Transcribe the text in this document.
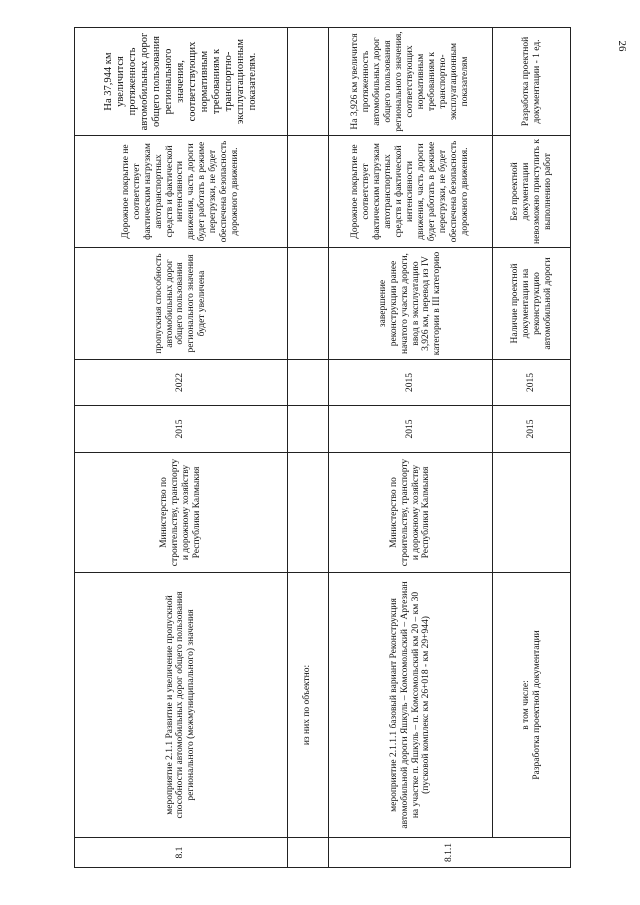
26
8.1	мероприятие 2.1.1 Развитие и увеличение пропускной способности автомобильных дорог общего пользования регионального (межмуниципального) значения	Министерство по строительству, транспорту и дорожному хозяйству Республики Калмыкия	2015	2022	пропускная способность автомобильных дорог общего пользования регионального значения будет увеличена	Дорожное покрытие не соответствует фактическим нагрузкам автотранспортных средств и фактической интенсивности движения, часть дороги будет работать в режиме перегрузки, не будет обеспечена безопасность дорожного движения.	На 37,944 км увеличится протяженность автомобильных дорог общего пользования регионального значения, соответствующих нормативным требованиям к транспортно-эксплуатационным показателям.

	из них по объектно:						
8.1.1	мероприятие 2.1.1.1 базовый вариант Реконструкция автомобильной дороги Яшкуль – Комсомольский – Артезиан на участке п. Яшкуль – п. Комсомольский км 20 – км 30 (пусковой комплекс км 26+018 - км 29+944)	Министерство по строительству, транспорту и дорожному хозяйству Республики Калмыкия	2015	2015	завершение реконструкции ранее начатого участка дороги, ввод в эксплуатацию 3,926 км, перевод из IV категории в III категорию	Дорожное покрытие не соответствует фактическим нагрузкам автотранспортных средств и фактической интенсивности движения, часть дороги будет работать в режиме перегрузки, не будет обеспечена безопасность дорожного движения.	На 3,926 км увеличится протяженность автомобильных дорог общего пользования регионального значения, соответствующих нормативным требованиям к транспортно-эксплуатационным показателям

	в том числе: Разработка проектной документации		2015	2015	Наличие проектной документации на реконструкцию автомобильной дороги	Без проектной документации невозможно приступить к выполнению работ	Разработка проектной документации - 1 ед.
